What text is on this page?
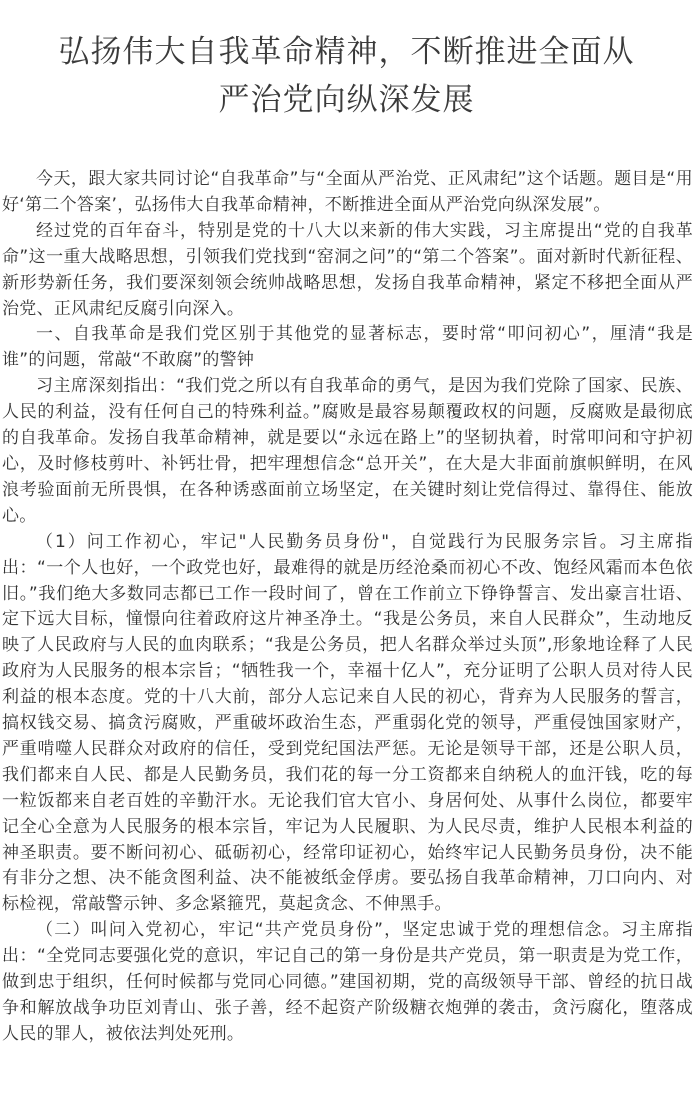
弘扬伟大自我革命精神，不断推进全面从
严治党向纵深发展

今天，跟大家共同讨论“自我革命”与“全面从严治党、正风肃纪”这个话题。题目是“用好‘第二个答案’，弘扬伟大自我革命精神，不断推进全面从严治党向纵深发展”。

经过党的百年奋斗，特别是党的十八大以来新的伟大实践，习主席提出“党的自我革命”这一重大战略思想，引领我们党找到“窑洞之问”的“第二个答案”。面对新时代新征程、新形势新任务，我们要深刻领会统帅战略思想，发扬自我革命精神，紧定不移把全面从严治党、正风肃纪反腐引向深入。

一、自我革命是我们党区别于其他党的显著标志，要时常“叩问初心”，厘清“我是谁”的问题，常敲“不敢腐”的警钟

习主席深刻指出：“我们党之所以有自我革命的勇气，是因为我们党除了国家、民族、人民的利益，没有任何自己的特殊利益。”腐败是最容易颠覆政权的问题，反腐败是最彻底的自我革命。发扬自我革命精神，就是要以“永远在路上”的坚韧执着，时常叩问和守护初心，及时修枝剪叶、补钙壮骨，把牢理想信念“总开关”，在大是大非面前旗帜鲜明，在风浪考验面前无所畏惧，在各种诱惑面前立场坚定，在关键时刻让党信得过、靠得住、能放心。

（1）问工作初心，牢记"人民勤务员身份"，自觉践行为民服务宗旨。习主席指出：“一个人也好，一个政党也好，最难得的就是历经沧桑而初心不改、饱经风霜而本色依旧。”我们绝大多数同志都已工作一段时间了，曾在工作前立下铮铮誓言、发出豪言壮语、定下远大目标，憧憬向往着政府这片神圣净土。“我是公务员，来自人民群众”，生动地反映了人民政府与人民的血肉联系；“我是公务员，把人名群众举过头顶”,形象地诠释了人民政府为人民服务的根本宗旨；“牺牲我一个，幸福十亿人”，充分证明了公职人员对待人民利益的根本态度。党的十八大前，部分人忘记来自人民的初心，背弃为人民服务的誓言，搞权钱交易、搞贪污腐败，严重破坏政治生态，严重弱化党的领导，严重侵蚀国家财产，严重啃噬人民群众对政府的信任，受到党纪国法严惩。无论是领导干部，还是公职人员，我们都来自人民、都是人民勤务员，我们花的每一分工资都来自纳税人的血汗钱，吃的每一粒饭都来自老百姓的辛勤汗水。无论我们官大官小、身居何处、从事什么岗位，都要牢记全心全意为人民服务的根本宗旨，牢记为人民履职、为人民尽责，维护人民根本利益的神圣职责。要不断问初心、砥砺初心，经常印证初心，始终牢记人民勤务员身份，决不能有非分之想、决不能贪图利益、决不能被纸金俘虏。要弘扬自我革命精神，刀口向内、对标检视，常敲警示钟、多念紧箍咒，莫起贪念、不伸黑手。

（二）叫问入党初心，牢记“共产党员身份”，坚定忠诚于党的理想信念。习主席指出：“全党同志要强化党的意识，牢记自己的第一身份是共产党员，第一职责是为党工作，做到忠于组织，任何时候都与党同心同德。”建国初期，党的高级领导干部、曾经的抗日战争和解放战争功臣刘青山、张子善，经不起资产阶级糖衣炮弹的袭击，贪污腐化，堕落成人民的罪人，被依法判处死刑。
